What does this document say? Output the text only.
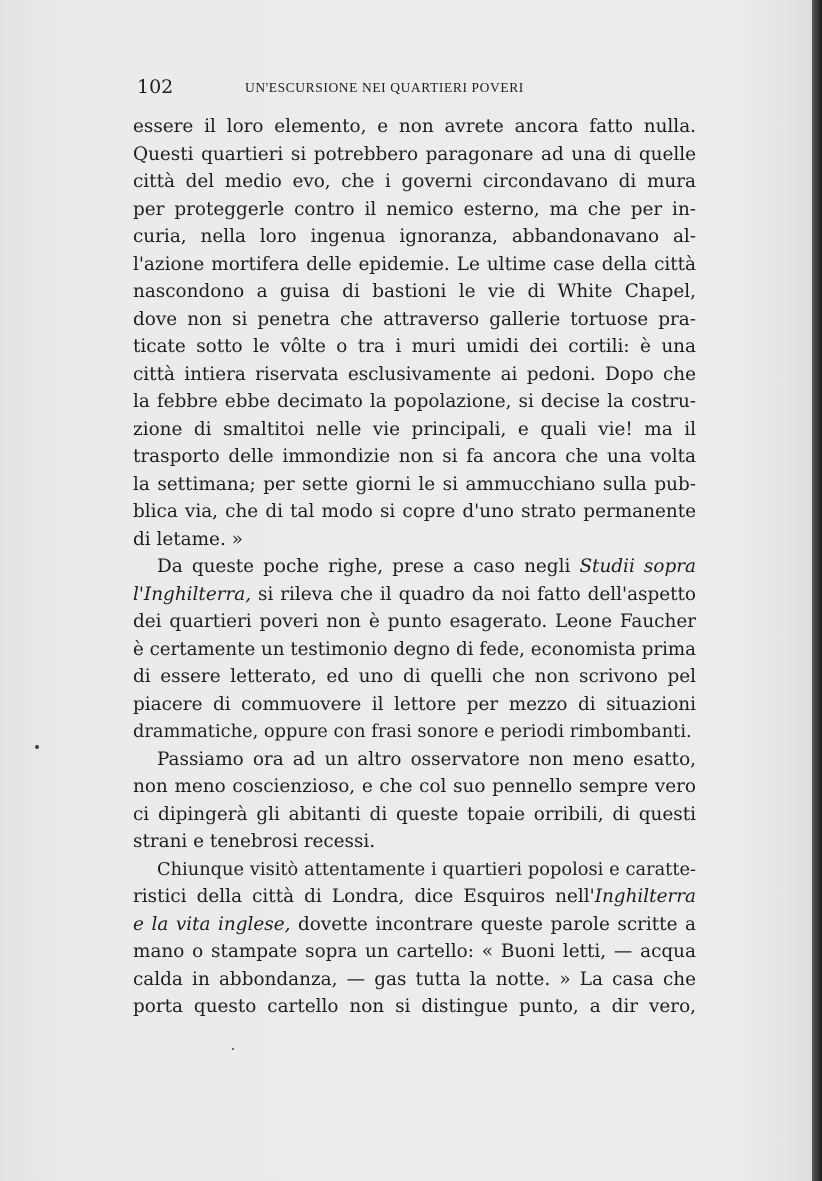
102	UN'ESCURSIONE NEI QUARTIERI POVERI
essere il loro elemento, e non avrete ancora fatto nulla.
Questi quartieri si potrebbero paragonare ad una di quelle
città del medio evo, che i governi circondavano di mura
per proteggerle contro il nemico esterno, ma che per in-
curia, nella loro ingenua ignoranza, abbandonavano al-
l'azione mortifera delle epidemie. Le ultime case della città
nascondono a guisa di bastioni le vie di White Chapel,
dove non si penetra che attraverso gallerie tortuose pra-
ticate sotto le vôlte o tra i muri umidi dei cortili: è una
città intiera riservata esclusivamente ai pedoni. Dopo che
la febbre ebbe decimato la popolazione, si decise la costru-
zione di smaltitoi nelle vie principali, e quali vie! ma il
trasporto delle immondizie non si fa ancora che una volta
la settimana; per sette giorni le si ammucchiano sulla pub-
blica via, che di tal modo si copre d'uno strato permanente
di letame. »
Da queste poche righe, prese a caso negli Studii sopra
l'Inghilterra, si rileva che il quadro da noi fatto dell'aspetto
dei quartieri poveri non è punto esagerato. Leone Faucher
è certamente un testimonio degno di fede, economista prima
di essere letterato, ed uno di quelli che non scrivono pel
piacere di commuovere il lettore per mezzo di situazioni
drammatiche, oppure con frasi sonore e periodi rimbombanti.
Passiamo ora ad un altro osservatore non meno esatto,
non meno coscienzioso, e che col suo pennello sempre vero
ci dipingerà gli abitanti di queste topaie orribili, di questi
strani e tenebrosi recessi.
Chiunque visitò attentamente i quartieri popolosi e caratte-
ristici della città di Londra, dice Esquiros nell'Inghilterra
e la vita inglese, dovette incontrare queste parole scritte a
mano o stampate sopra un cartello: « Buoni letti, — acqua
calda in abbondanza, — gas tutta la notte. » La casa che
porta questo cartello non si distingue punto, a dir vero,
